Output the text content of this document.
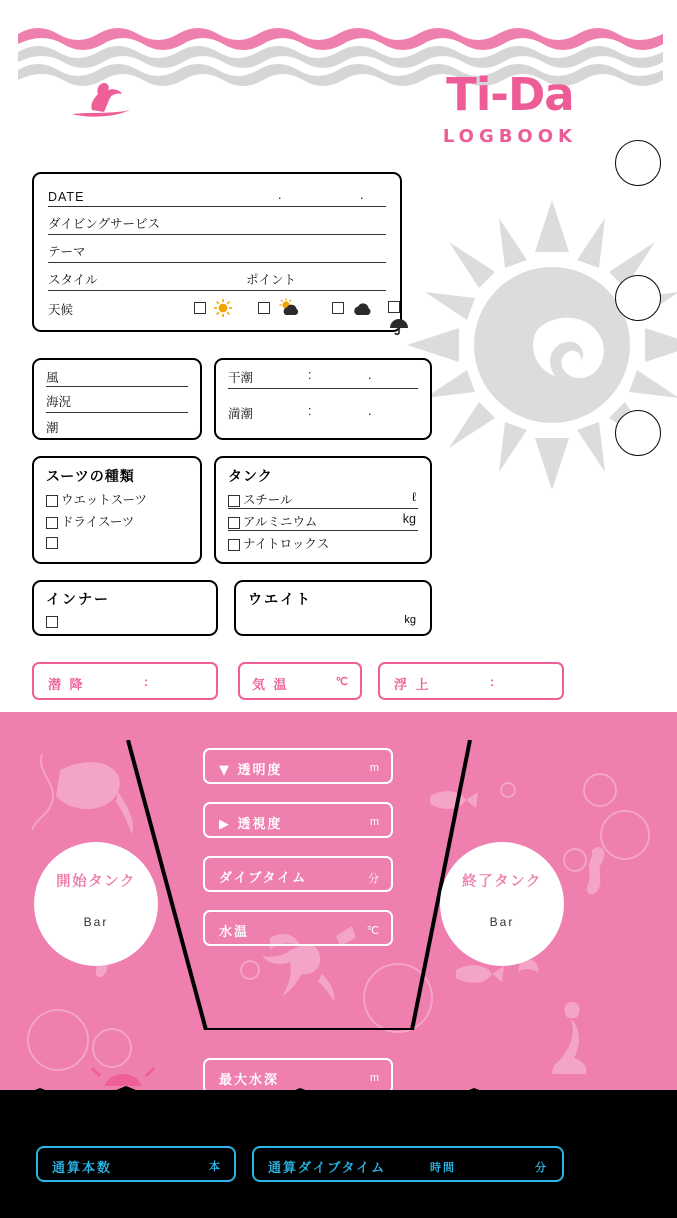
Ti-Da
LOGBOOK
DATE	.	.
ダイビングサービス
テーマ
スタイル	ポイント
天候

風
海況
潮
干潮	:	.
満潮	:	.
スーツの種類
ウエットスーツ
ドライスーツ
タンク
スチール	ℓ
アルミニウム	kg
ナイトロックス
インナー	ウエイト
kg
潜 降	:	気 温	℃	浮 上	:
開始タンク
Bar
終了タンク
Bar
▼ 透明度	m
▶ 透視度	m
ダイブタイム	分
水温	℃
最大水深	m
通算本数	本	通算ダイブタイム	時間	分
